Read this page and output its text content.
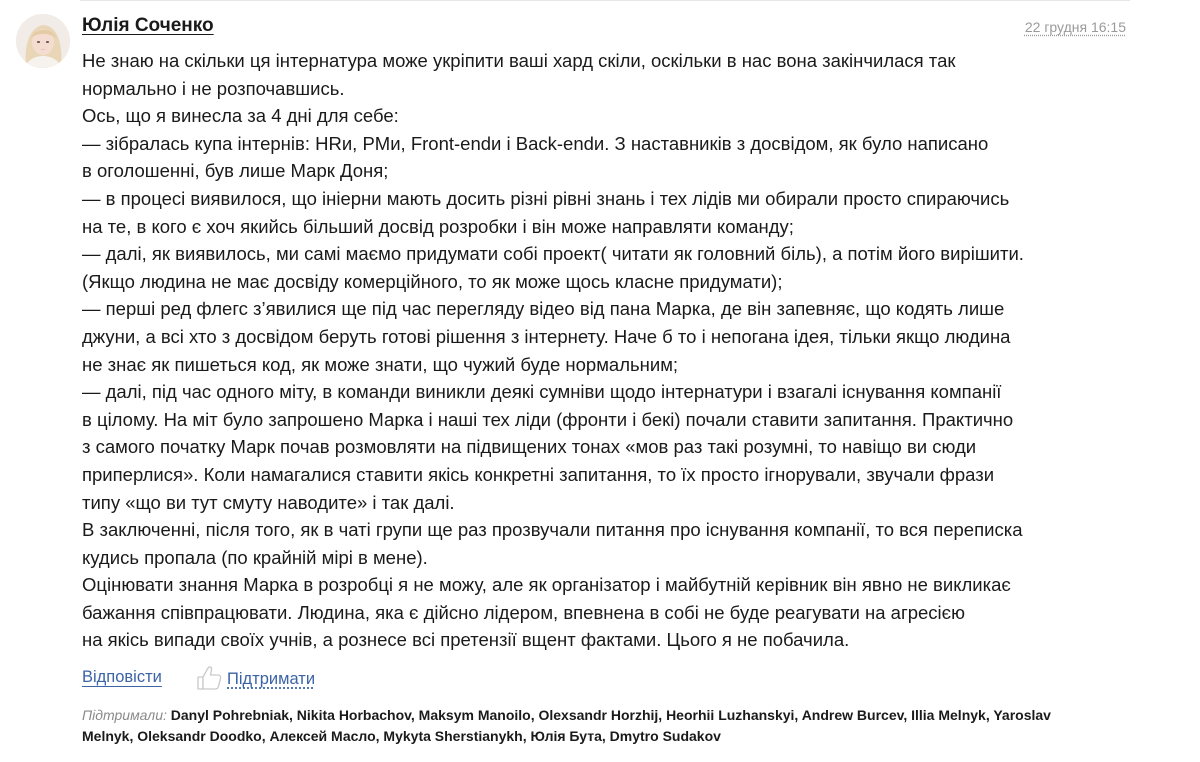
Юлія Соченко	22 грудня 16:15
Не знаю на скільки ця інтернатура може укріпити ваші хард скіли, оскільки в нас вона закінчилася так
нормально і не розпочавшись.
Ось, що я винесла за 4 дні для себе:
— зібралась купа інтернів: HRи, PMи, Front-endи і Back-endи. З наставників з досвідом, як було написано
в оголошенні, був лише Марк Доня;
— в процесі виявилося, що ініерни мають досить різні рівні знань і тех лідів ми обирали просто спираючись
на те, в кого є хоч якийсь більший досвід розробки і він може направляти команду;
— далі, як виявилось, ми самі маємо придумати собі проект( читати як головний біль), а потім його вирішити.
(Якщо людина не має досвіду комерційного, то як може щось класне придумати);
— перші ред флегс з’явилися ще під час перегляду відео від пана Марка, де він запевняє, що кодять лише
джуни, а всі хто з досвідом беруть готові рішення з інтернету. Наче б то і непогана ідея, тільки якщо людина
не знає як пишеться код, як може знати, що чужий буде нормальним;
— далі, під час одного міту, в команди виникли деякі сумніви щодо інтернатури і взагалі існування компанії
в цілому. На міт було запрошено Марка і наші тех ліди (фронти і бекі) почали ставити запитання. Практично
з самого початку Марк почав розмовляти на підвищених тонах «мов раз такі розумні, то навіщо ви сюди
приперлися». Коли намагалися ставити якісь конкретні запитання, то їх просто ігнорували, звучали фрази
типу «що ви тут смуту наводите» і так далі.
В заключенні, після того, як в чаті групи ще раз прозвучали питання про існування компанії, то вся переписка
кудись пропала (по крайній мірі в мене).
Оцінювати знання Марка в розробці я не можу, але як організатор і майбутній керівник він явно не викликає
бажання співпрацювати. Людина, яка є дійсно лідером, впевнена в собі не буде реагувати на агресією
на якісь випади своїх учнів, а рознесе всі претензії вщент фактами. Цього я не побачила.
Відповісти	Підтримати
Підтримали: Danyl Pohrebniak, Nikita Horbachov, Maksym Manoilo, Olexsandr Horzhij, Heorhii Luzhanskyi, Andrew Burcev, Illia Melnyk, Yaroslav Melnyk, Oleksandr Doodko, Алексей Масло, Mykyta Sherstianykh, Юлія Бута, Dmytro Sudakov
